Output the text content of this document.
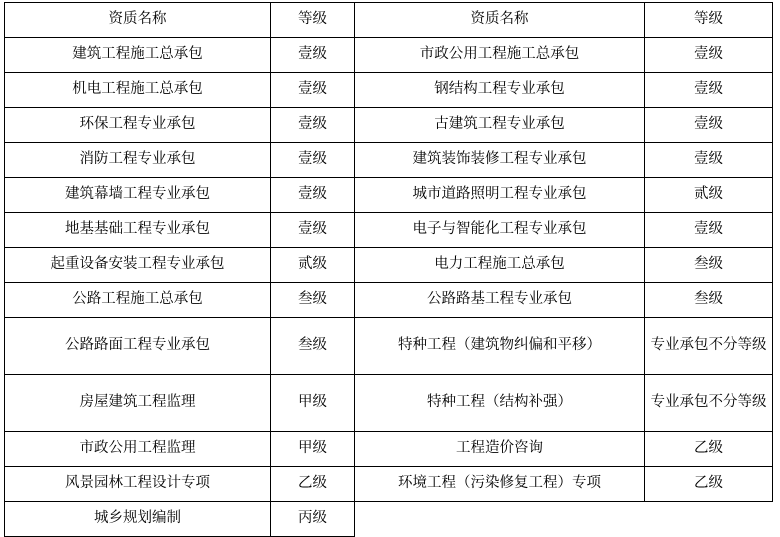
资质名称	等级	资质名称	等级
建筑工程施工总承包	壹级	市政公用工程施工总承包	壹级
机电工程施工总承包	壹级	钢结构工程专业承包	壹级
环保工程专业承包	壹级	古建筑工程专业承包	壹级
消防工程专业承包	壹级	建筑装饰装修工程专业承包	壹级
建筑幕墙工程专业承包	壹级	城市道路照明工程专业承包	贰级
地基基础工程专业承包	壹级	电子与智能化工程专业承包	壹级
起重设备安装工程专业承包	贰级	电力工程施工总承包	叁级
公路工程施工总承包	叁级	公路路基工程专业承包	叁级
公路路面工程专业承包	叁级	特种工程（建筑物纠偏和平移）	专业承包不分等级
房屋建筑工程监理	甲级	特种工程（结构补强）	专业承包不分等级
市政公用工程监理	甲级	工程造价咨询	乙级
风景园林工程设计专项	乙级	环境工程（污染修复工程）专项	乙级
城乡规划编制	丙级		
